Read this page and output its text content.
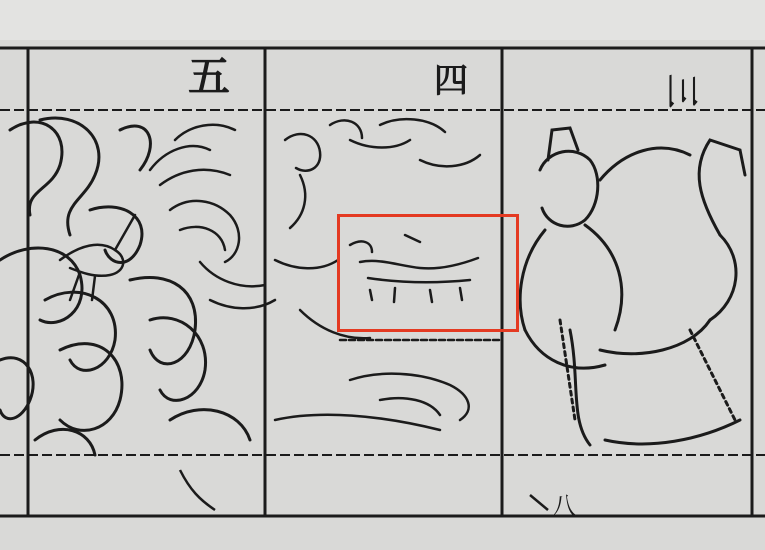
五	四	三
八
